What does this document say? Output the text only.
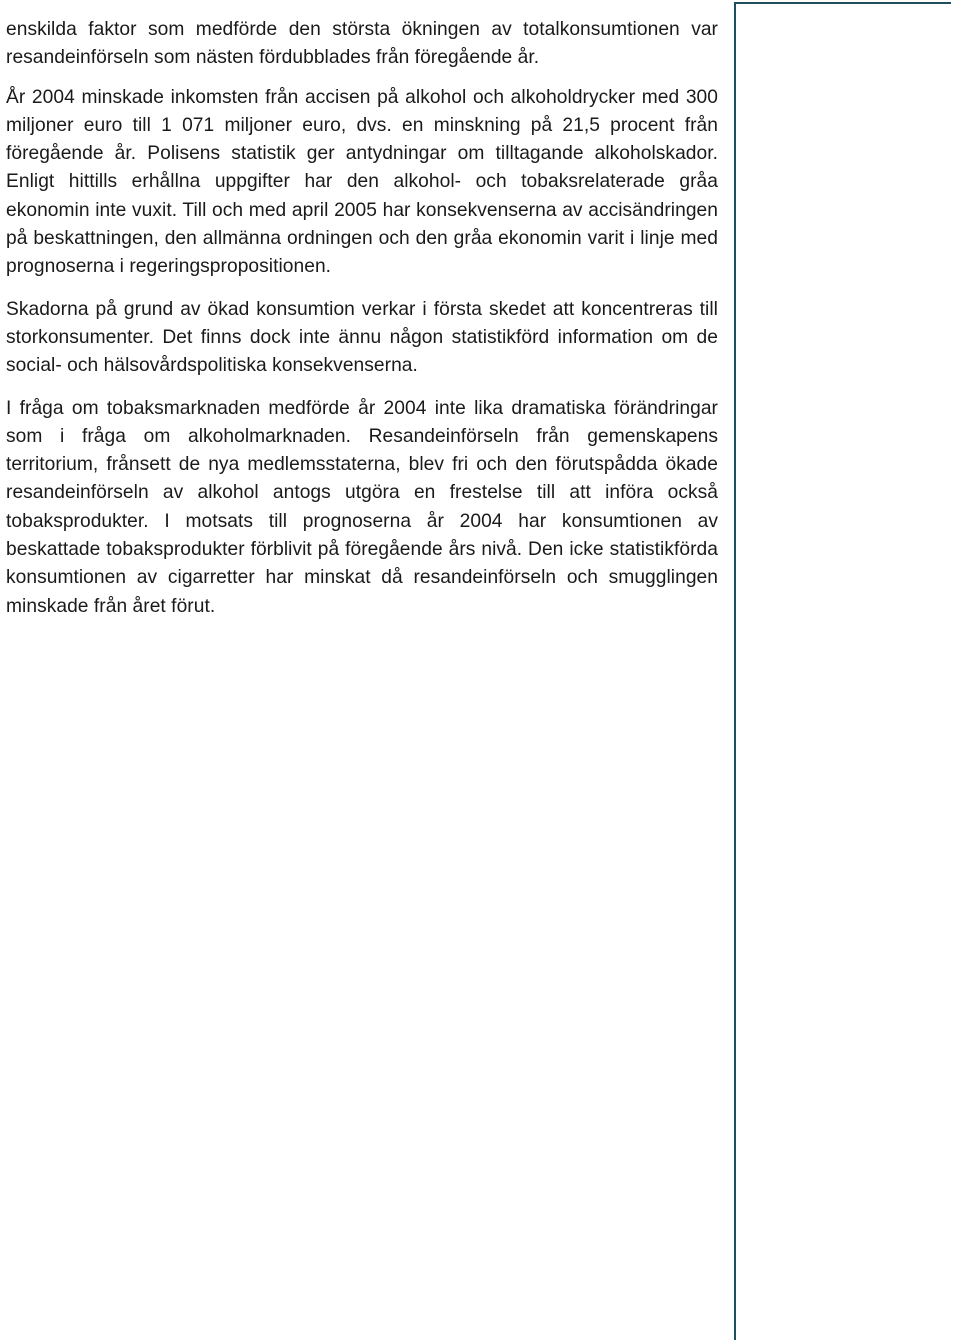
enskilda faktor som medförde den största ökningen av totalkonsumtionen var resandeinförseln som nästen fördubblades från föregående år.

År 2004 minskade inkomsten från accisen på alkohol och alkoholdrycker med 300 miljoner euro till 1 071 miljoner euro, dvs. en minskning på 21,5 procent från föregående år. Polisens statistik ger antydningar om tilltagande alkoholskador. Enligt hittills erhållna uppgifter har den alkohol- och tobaksrelaterade gråa ekonomin inte vuxit. Till och med april 2005 har konsekvenserna av accisändringen på beskattningen, den allmänna ordningen och den gråa ekonomin varit i linje med prognoserna i regeringspropositionen.

Skadorna på grund av ökad konsumtion verkar i första skedet att koncentreras till storkonsumenter. Det finns dock inte ännu någon statistikförd information om de social- och hälsovårdspolitiska konsekvenserna.

I fråga om tobaksmarknaden medförde år 2004 inte lika dramatiska förändringar som i fråga om alkoholmarknaden. Resandeinförseln från gemenskapens territorium, frånsett de nya medlemsstaterna, blev fri och den förutspådda ökade resandeinförseln av alkohol antogs utgöra en frestelse till att införa också tobaksprodukter. I motsats till prognoserna år 2004 har konsumtionen av beskattade tobaksprodukter förblivit på föregående års nivå. Den icke statistikförda konsumtionen av cigarretter har minskat då resandeinförseln och smugglingen minskade från året förut.
